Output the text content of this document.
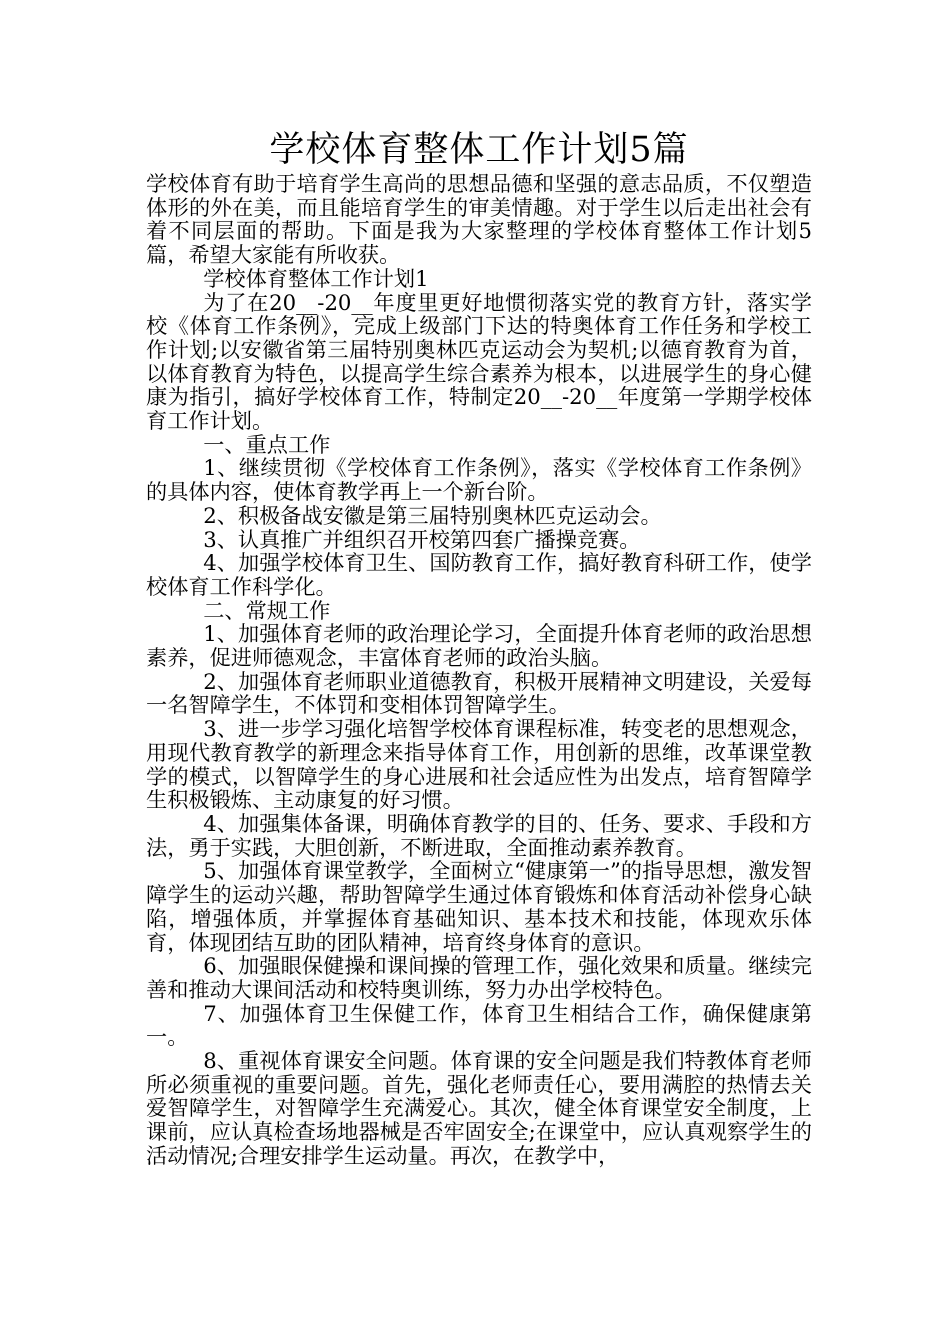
学校体育整体工作计划5篇

学校体育有助于培育学生高尚的思想品德和坚强的意志品质，不仅塑造体形的外在美，而且能培育学生的审美情趣。对于学生以后走出社会有着不同层面的帮助。下面是我为大家整理的学校体育整体工作计划5篇，希望大家能有所收获。

学校体育整体工作计划1

为了在20__-20__年度里更好地惯彻落实党的教育方针，落实学校《体育工作条例》，完成上级部门下达的特奥体育工作任务和学校工作计划;以安徽省第三届特别奥林匹克运动会为契机;以德育教育为首，以体育教育为特色，以提高学生综合素养为根本，以进展学生的身心健康为指引，搞好学校体育工作，特制定20__-20__年度第一学期学校体育工作计划。

一、重点工作

1、继续贯彻《学校体育工作条例》，落实《学校体育工作条例》的具体内容，使体育教学再上一个新台阶。

2、积极备战安徽是第三届特别奥林匹克运动会。

3、认真推广并组织召开校第四套广播操竞赛。

4、加强学校体育卫生、国防教育工作，搞好教育科研工作，使学校体育工作科学化。

二、常规工作

1、加强体育老师的政治理论学习，全面提升体育老师的政治思想素养，促进师德观念，丰富体育老师的政治头脑。

2、加强体育老师职业道德教育，积极开展精神文明建设，关爱每一名智障学生，不体罚和变相体罚智障学生。

3、进一步学习强化培智学校体育课程标准，转变老的思想观念，用现代教育教学的新理念来指导体育工作，用创新的思维，改革课堂教学的模式，以智障学生的身心进展和社会适应性为出发点，培育智障学生积极锻炼、主动康复的好习惯。

4、加强集体备课，明确体育教学的目的、任务、要求、手段和方法，勇于实践，大胆创新，不断进取，全面推动素养教育。

5、加强体育课堂教学，全面树立“健康第一”的指导思想，激发智障学生的运动兴趣，帮助智障学生通过体育锻炼和体育活动补偿身心缺陷，增强体质，并掌握体育基础知识、基本技术和技能，体现欢乐体育，体现团结互助的团队精神，培育终身体育的意识。

6、加强眼保健操和课间操的管理工作，强化效果和质量。继续完善和推动大课间活动和校特奥训练，努力办出学校特色。

7、加强体育卫生保健工作，体育卫生相结合工作，确保健康第一。

8、重视体育课安全问题。体育课的安全问题是我们特教体育老师所必须重视的重要问题。首先，强化老师责任心，要用满腔的热情去关爱智障学生，对智障学生充满爱心。其次，健全体育课堂安全制度，上课前，应认真检查场地器械是否牢固安全;在课堂中，应认真观察学生的活动情况;合理安排学生运动量。再次，在教学中，
